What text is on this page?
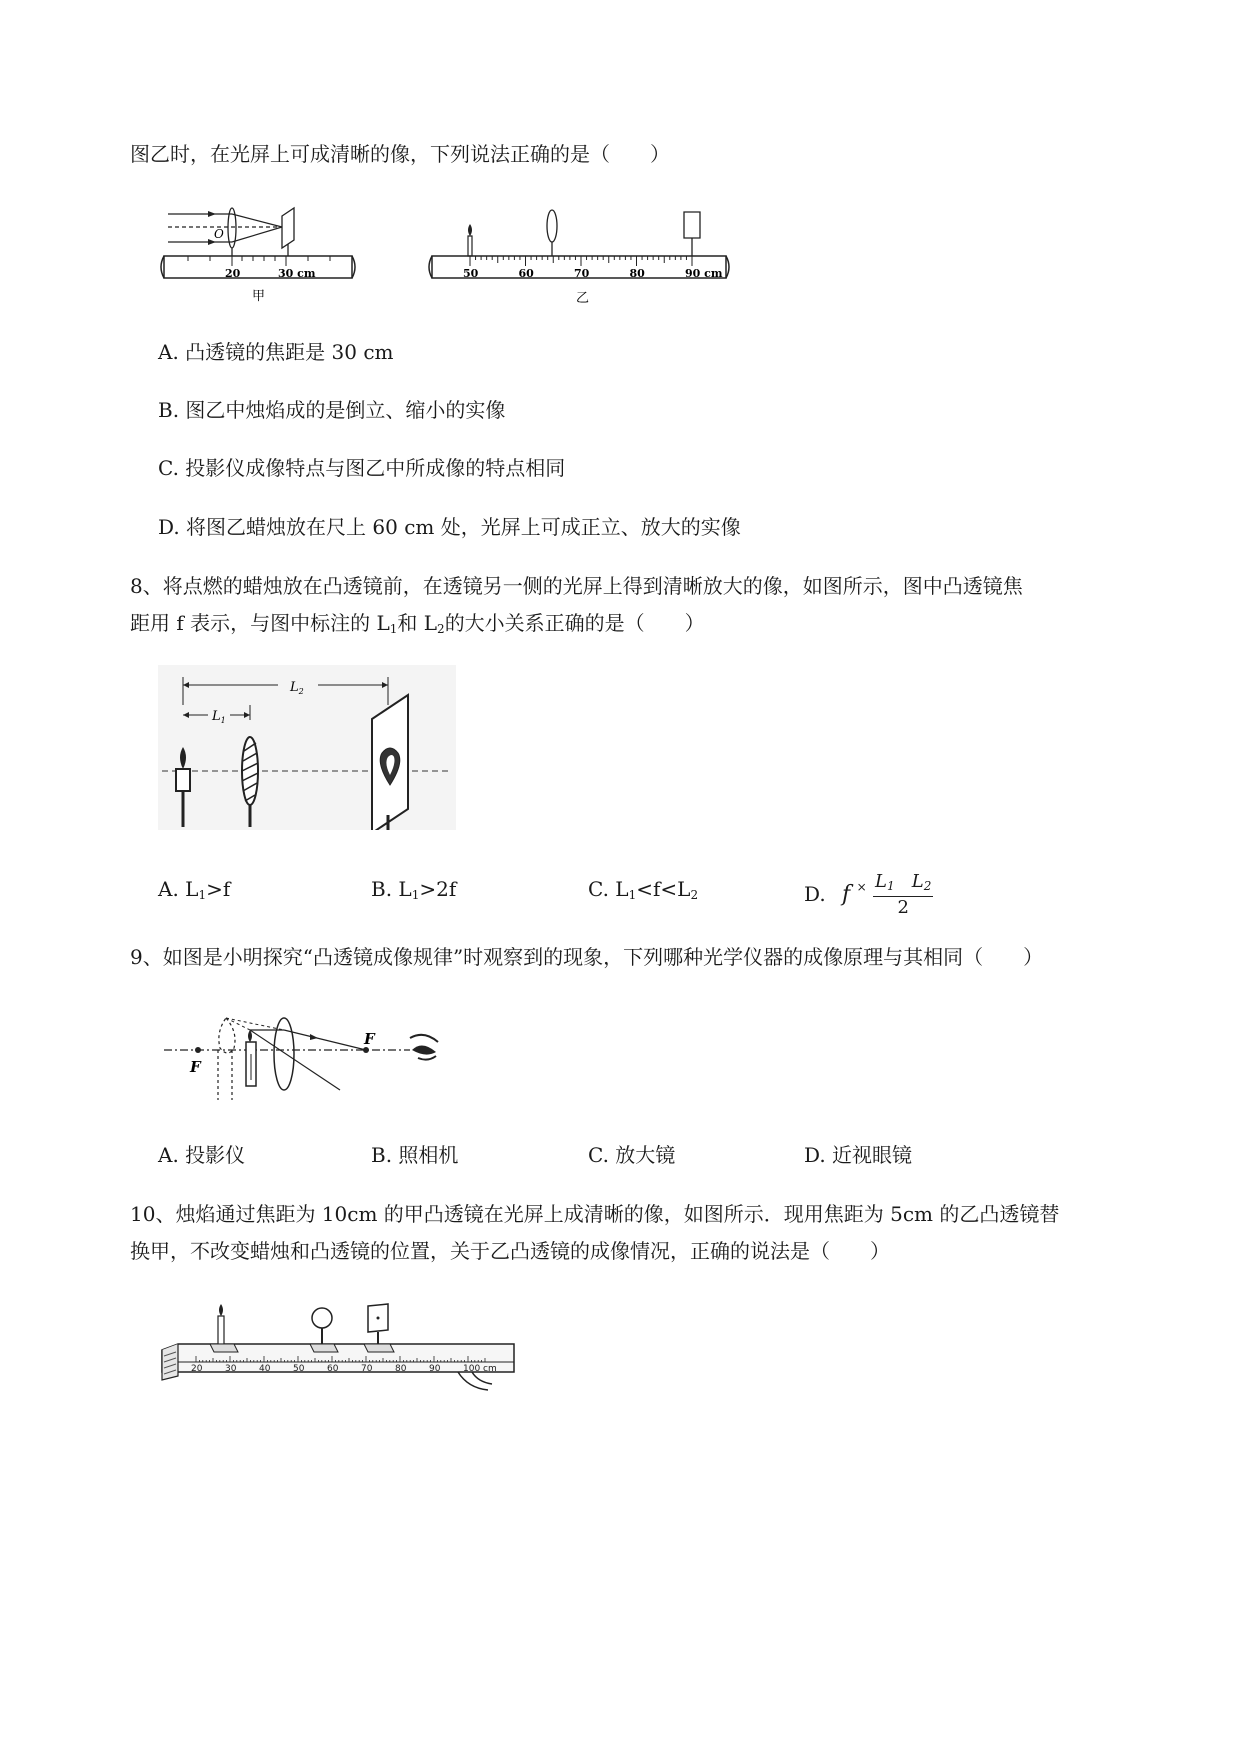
图乙时，在光屏上可成清晰的像，下列说法正确的是（　　）
O
20	30 cm
甲
50	60	70	80	90 cm
乙
A. 凸透镜的焦距是 30 cm
B. 图乙中烛焰成的是倒立、缩小的实像
C. 投影仪成像特点与图乙中所成像的特点相同
D. 将图乙蜡烛放在尺上 60 cm 处，光屏上可成正立、放大的实像
8、将点燃的蜡烛放在凸透镜前，在透镜另一侧的光屏上得到清晰放大的像，如图所示，图中凸透镜焦
距用 f 表示，与图中标注的 $L_1$和 $L_2$的大小关系正确的是（　　）
$L_2$
$L_1$
A. $L_1>f$	B. $L_1>2f$	C. $L_1<f<L_2$	D. f $^\times \frac{L_1 L_2}{2}$
9、如图是小明探究“凸透镜成像规律”时观察到的现象，下列哪种光学仪器的成像原理与其相同（　　）
F
F
A. 投影仪	B. 照相机	C. 放大镜	D. 近视眼镜
10、烛焰通过焦距为 10cm 的甲凸透镜在光屏上成清晰的像，如图所示．现用焦距为 5cm 的乙凸透镜替
换甲，不改变蜡烛和凸透镜的位置，关于乙凸透镜的成像情况，正确的说法是（　　）
20	30	40	50	60	70	80	90	100 cm
